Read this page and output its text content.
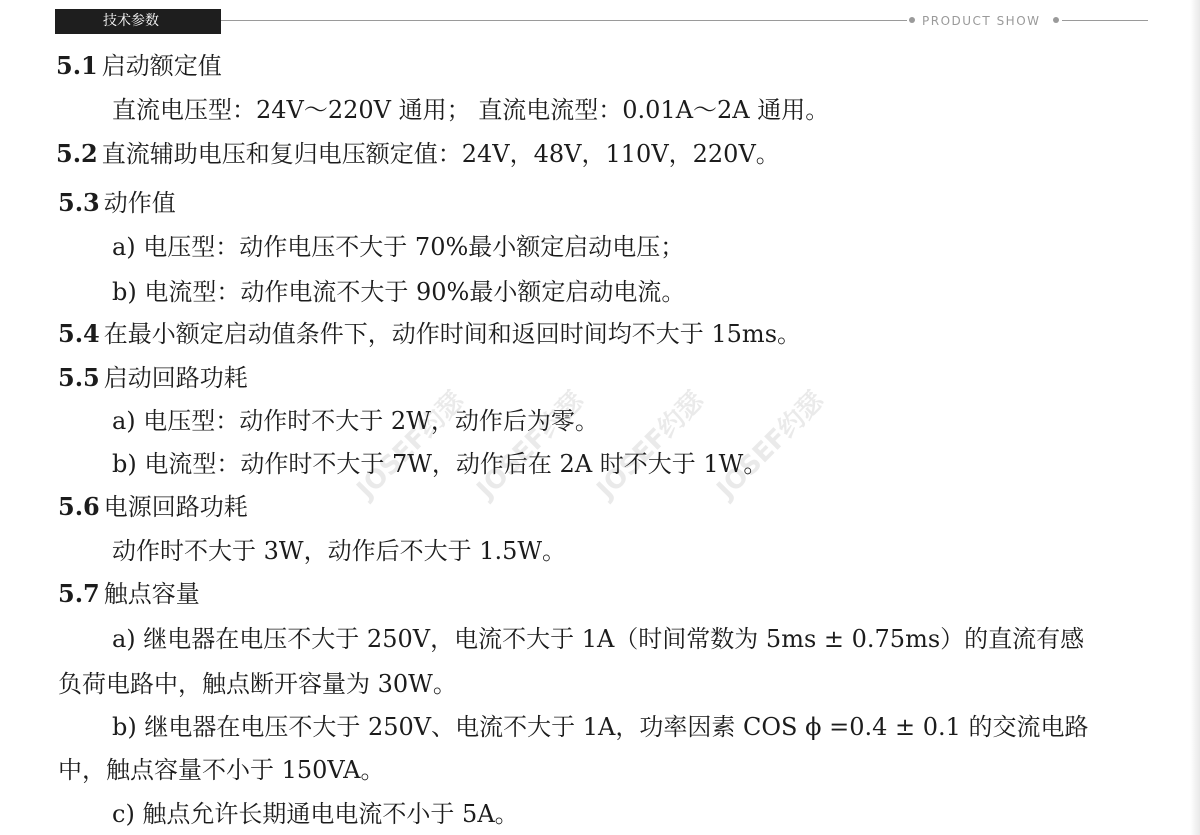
技术参数	PRODUCT SHOW
JOSEF约瑟 JOSEF约瑟 JOSEF约瑟 JOSEF约瑟
5.1 启动额定值
直流电压型：24V～220V 通用； 直流电流型：0.01A～2A 通用。
5.2 直流辅助电压和复归电压额定值：24V，48V，110V，220V。
5.3 动作值
a) 电压型：动作电压不大于 70%最小额定启动电压；
b) 电流型：动作电流不大于 90%最小额定启动电流。
5.4 在最小额定启动值条件下，动作时间和返回时间均不大于 15ms。
5.5 启动回路功耗
a) 电压型：动作时不大于 2W，动作后为零。
b) 电流型：动作时不大于 7W，动作后在 2A 时不大于 1W。
5.6 电源回路功耗
动作时不大于 3W，动作后不大于 1.5W。
5.7 触点容量
a) 继电器在电压不大于 250V，电流不大于 1A（时间常数为 5ms ± 0.75ms）的直流有感
负荷电路中，触点断开容量为 30W。
b) 继电器在电压不大于 250V、电流不大于 1A，功率因素 COS ϕ =0.4 ± 0.1 的交流电路
中，触点容量不小于 150VA。
c) 触点允许长期通电电流不小于 5A。
